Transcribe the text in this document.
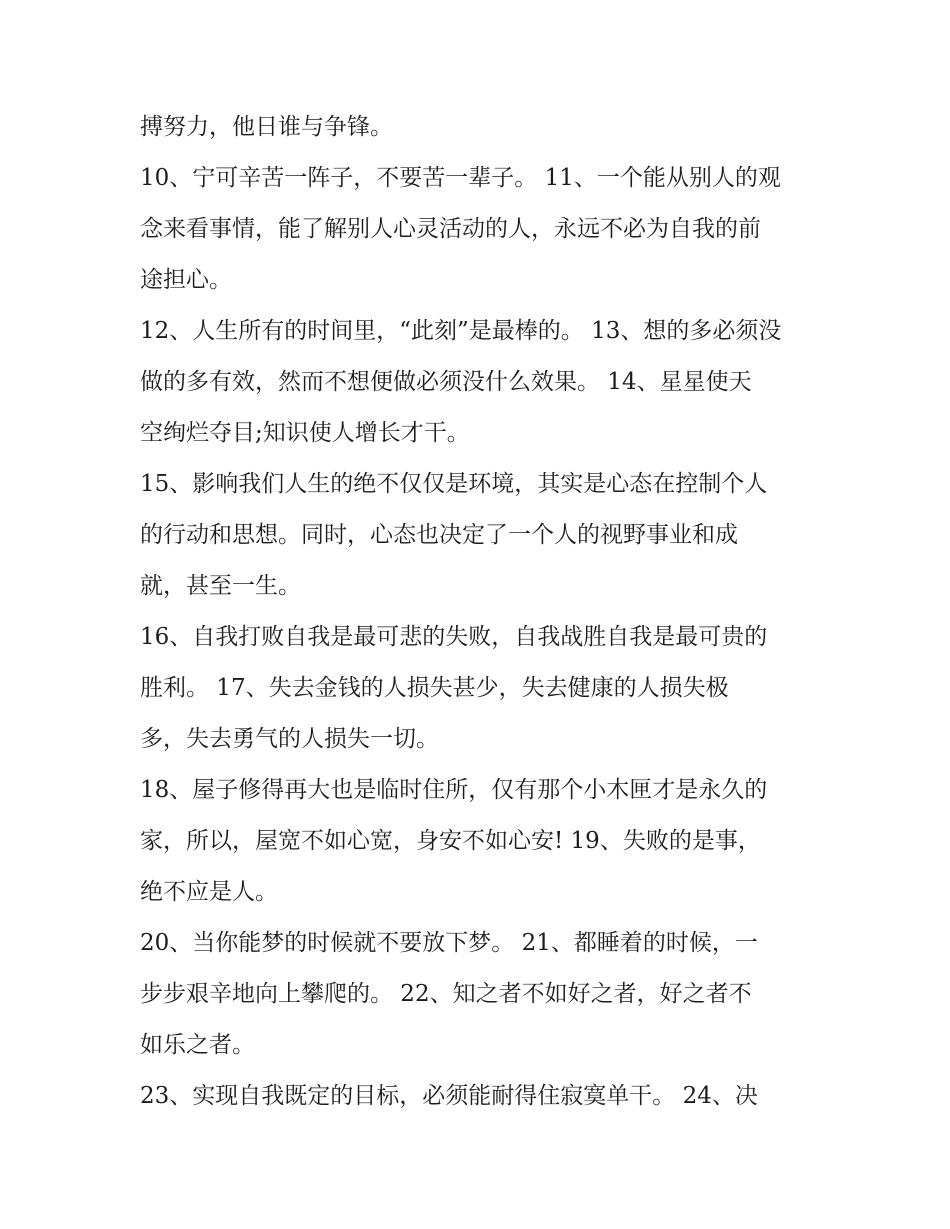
搏努力，他日谁与争锋。
10、宁可辛苦一阵子，不要苦一辈子。 11、一个能从别人的观
念来看事情，能了解别人心灵活动的人，永远不必为自我的前
途担心。
12、人生所有的时间里，“此刻”是最棒的。 13、想的多必须没
做的多有效，然而不想便做必须没什么效果。 14、星星使天
空绚烂夺目;知识使人增长才干。
15、影响我们人生的绝不仅仅是环境，其实是心态在控制个人
的行动和思想。同时，心态也决定了一个人的视野事业和成
就，甚至一生。
16、自我打败自我是最可悲的失败，自我战胜自我是最可贵的
胜利。 17、失去金钱的人损失甚少，失去健康的人损失极
多，失去勇气的人损失一切。
18、屋子修得再大也是临时住所，仅有那个小木匣才是永久的
家，所以，屋宽不如心宽，身安不如心安! 19、失败的是事，
绝不应是人。
20、当你能梦的时候就不要放下梦。 21、都睡着的时候，一
步步艰辛地向上攀爬的。 22、知之者不如好之者，好之者不
如乐之者。
23、实现自我既定的目标，必须能耐得住寂寞单干。 24、决
